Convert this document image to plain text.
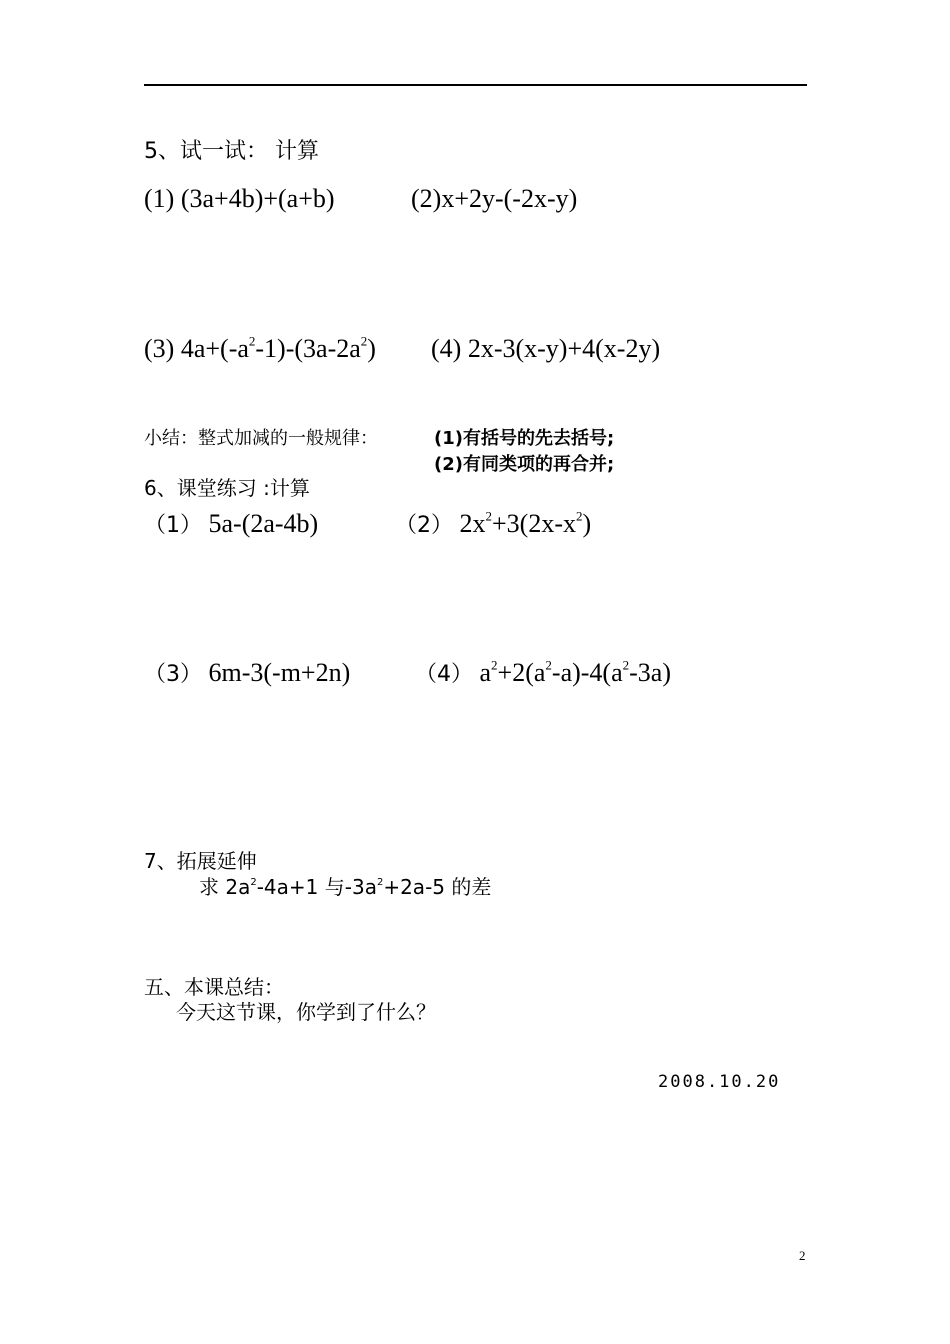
5、试一试： 计算
(1) (3a+4b)+(a+b)	(2)x+2y-(-2x-y)
(3) $4a+(-a^2-1)-(3a-2a^2)$ (4) 2x-3(x-y)+4(x-2y)
小结：整式加减的一般规律：	(1)有括号的先去括号;
(2)有同类项的再合并;
6、课堂练习 :计算
（1） 5a-(2a-4b)	（2） $2x^2+3(2x-x^2)$
（3） 6m-3(-m+2n)	（4） $a^2+2(a^2-a)-4(a^2-3a)$
7、拓展延伸
求 $2a^2-4a+1$ 与$-3a^2+2a-5$ 的差
五、本课总结：
今天这节课，你学到了什么？
2008.10.20
2
